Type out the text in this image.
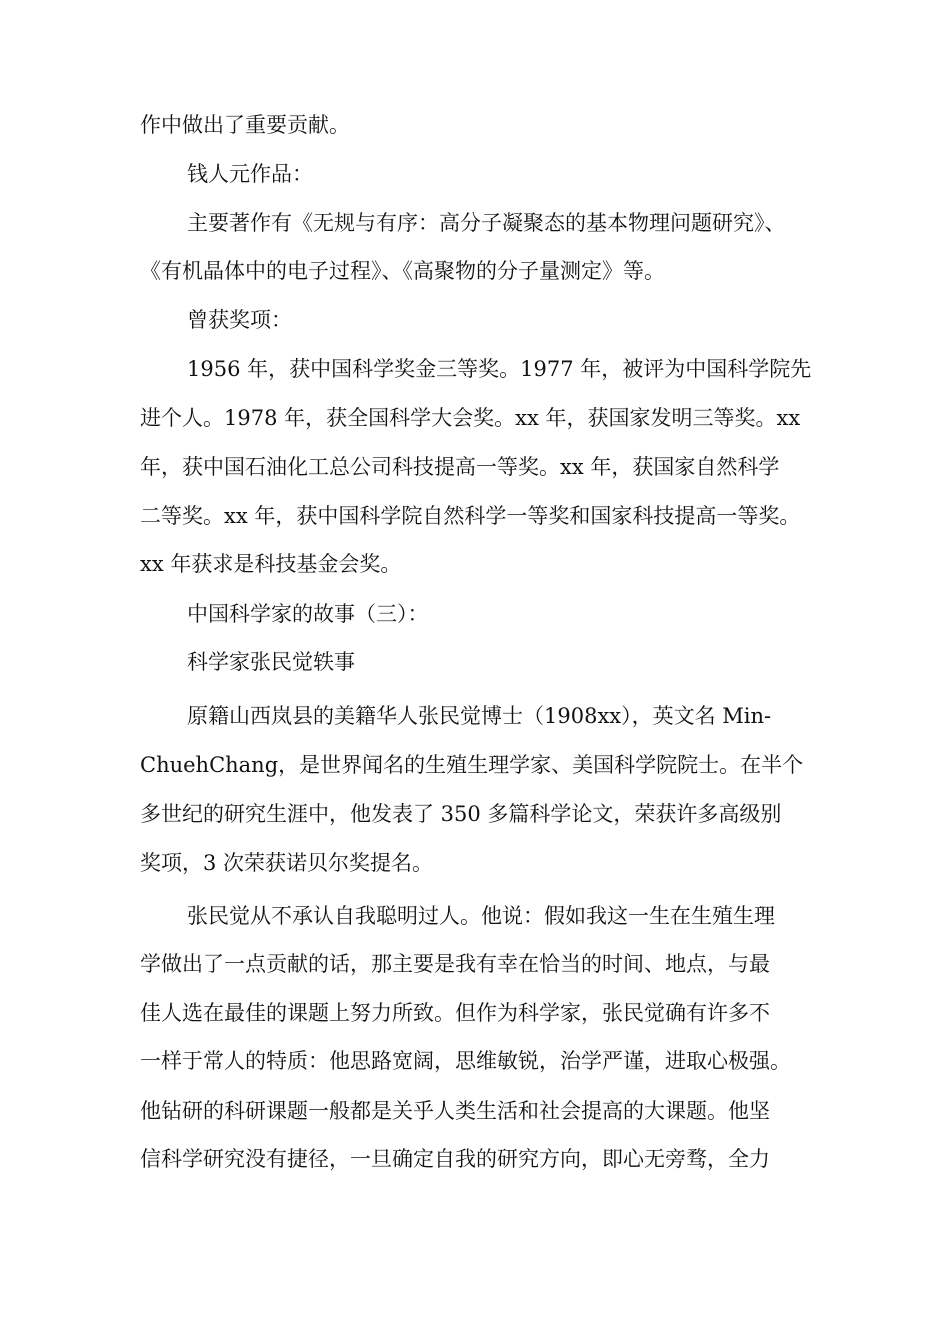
作中做出了重要贡献。
钱人元作品：
主要著作有《无规与有序：高分子凝聚态的基本物理问题研究》、
《有机晶体中的电子过程》、《高聚物的分子量测定》等。
曾获奖项：
1956 年，获中国科学奖金三等奖。1977 年，被评为中国科学院先
进个人。1978 年，获全国科学大会奖。xx 年，获国家发明三等奖。xx
年，获中国石油化工总公司科技提高一等奖。xx 年，获国家自然科学
二等奖。xx 年，获中国科学院自然科学一等奖和国家科技提高一等奖。
xx 年获求是科技基金会奖。
中国科学家的故事（三）：
科学家张民觉轶事
原籍山西岚县的美籍华人张民觉博士（1908xx），英文名 Min-
ChuehChang，是世界闻名的生殖生理学家、美国科学院院士。在半个
多世纪的研究生涯中，他发表了 350 多篇科学论文，荣获许多高级别
奖项，3 次荣获诺贝尔奖提名。
张民觉从不承认自我聪明过人。他说：假如我这一生在生殖生理
学做出了一点贡献的话，那主要是我有幸在恰当的时间、地点，与最
佳人选在最佳的课题上努力所致。但作为科学家，张民觉确有许多不
一样于常人的特质：他思路宽阔，思维敏锐，治学严谨，进取心极强。
他钻研的科研课题一般都是关乎人类生活和社会提高的大课题。他坚
信科学研究没有捷径，一旦确定自我的研究方向，即心无旁骛，全力
